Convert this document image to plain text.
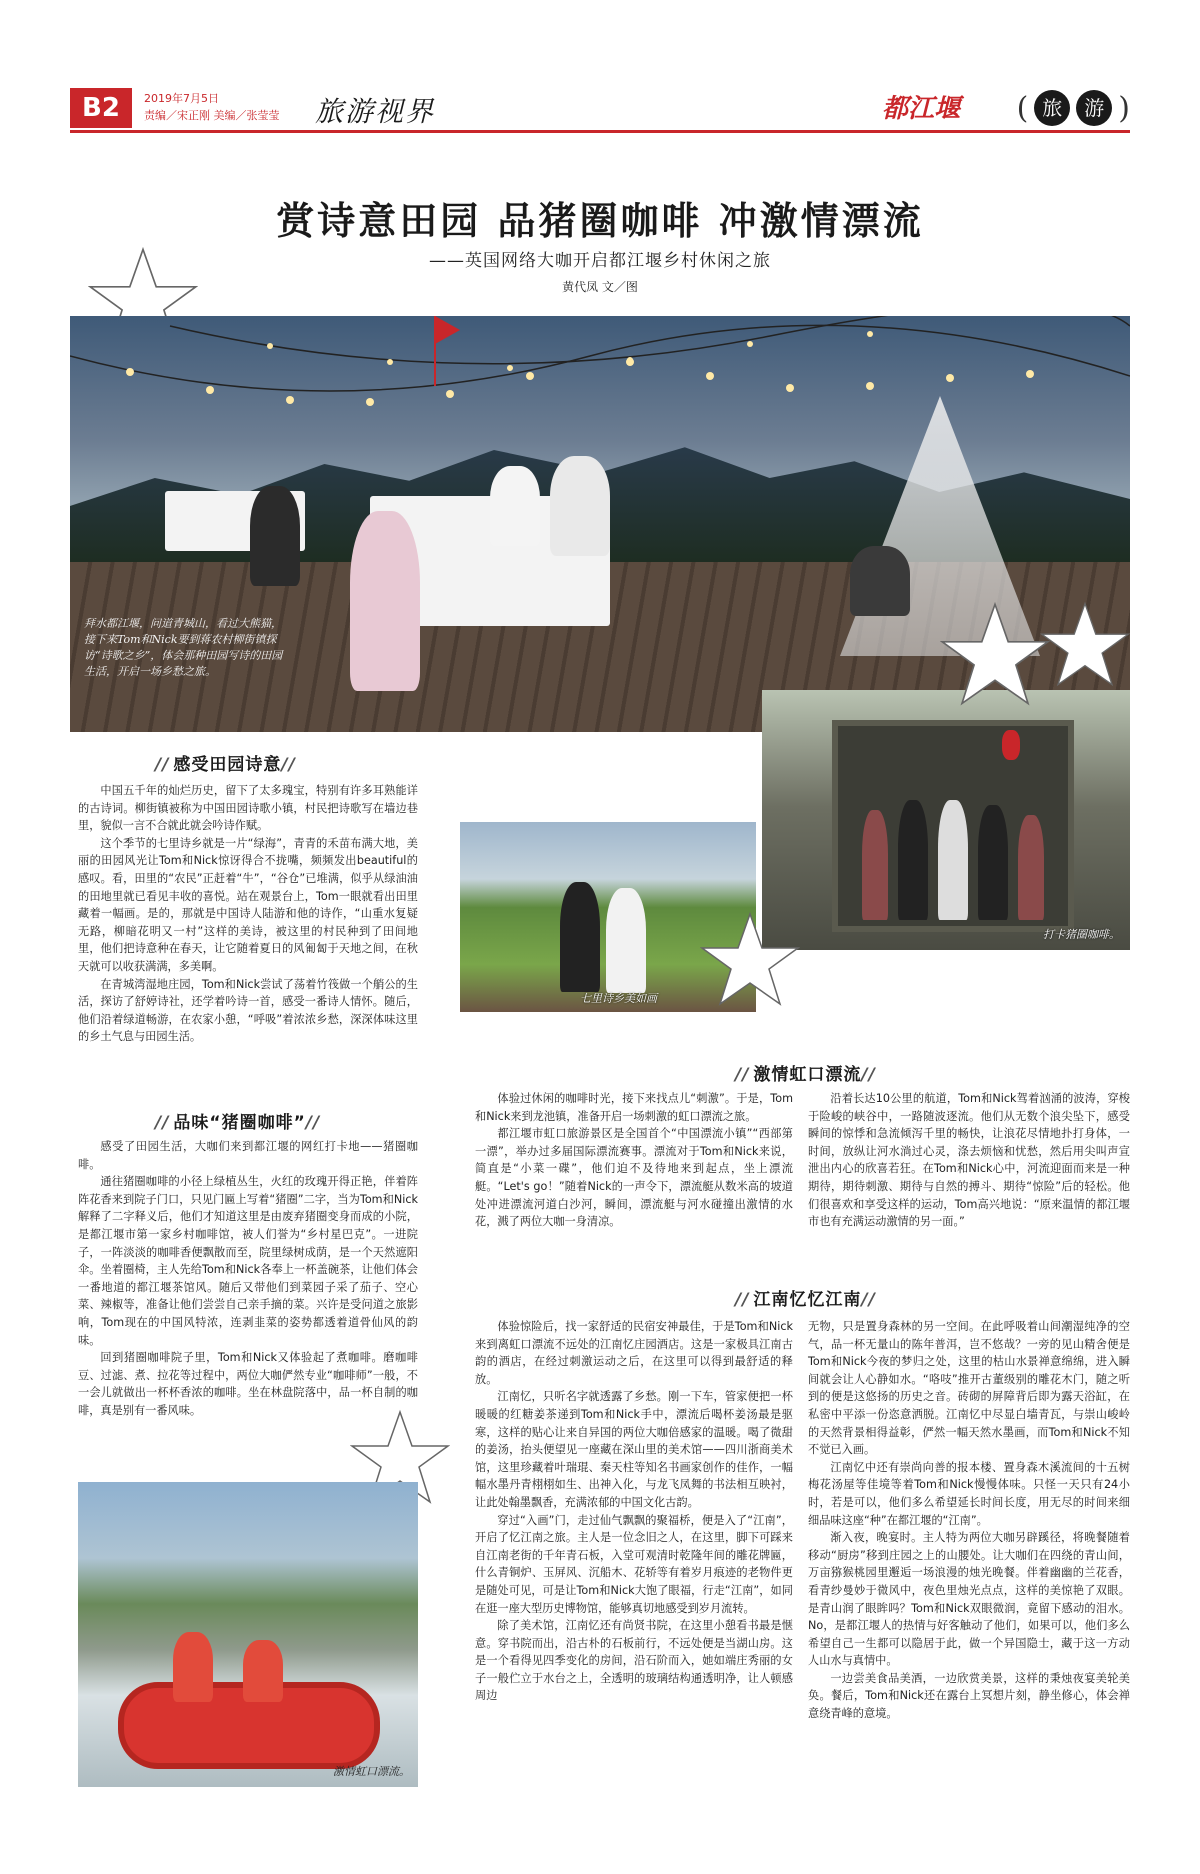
B2	2019年7月5日
责编／宋正刚 美编／张莹莹 旅游视界	都江堰 ( 旅	游 )
赏诗意田园 品猪圈咖啡 冲激情漂流
——英国网络大咖开启都江堰乡村休闲之旅
黄代凤 文／图
拜水都江堰，问道青城山，看过大熊猫，接下来Tom和Nick要到蒋农村柳街镇探访“诗歌之乡”，体会那种田园写诗的田园生活，开启一场乡愁之旅。
// 感受田园诗意//

中国五千年的灿烂历史，留下了太多瑰宝，特别有许多耳熟能详的古诗词。柳街镇被称为中国田园诗歌小镇，村民把诗歌写在墙边巷里，貌似一言不合就此就会吟诗作赋。

这个季节的七里诗乡就是一片“绿海”，青青的禾苗布满大地，美丽的田园风光让Tom和Nick惊讶得合不拢嘴，频频发出beautiful的感叹。看，田里的“农民”正赶着“牛”，“谷仓”已堆满，似乎从绿油油的田地里就已看见丰收的喜悦。站在观景台上，Tom一眼就看出田里藏着一幅画。是的，那就是中国诗人陆游和他的诗作，“山重水复疑无路，柳暗花明又一村”这样的美诗，被这里的村民种到了田间地里，他们把诗意种在春天，让它随着夏日的风匍匐于天地之间，在秋天就可以收获满满，多美啊。

在青城湾湿地庄园，Tom和Nick尝试了荡着竹筏做一个艄公的生活，探访了舒婷诗社，还学着吟诗一首，感受一番诗人情怀。随后，他们沿着绿道畅游，在农家小憩，“呼吸”着浓浓乡愁，深深体味这里的乡土气息与田园生活。

七里诗乡美如画
打卡猪圈咖啡。
// 品味“猪圈咖啡”//

感受了田园生活，大咖们来到都江堰的网红打卡地——猪圈咖啡。

通往猪圈咖啡的小径上绿植丛生，火红的玫瑰开得正艳，伴着阵阵花香来到院子门口，只见门匾上写着“猪圈”二字，当为Tom和Nick解释了二字释义后，他们才知道这里是由废弃猪圈变身而成的小院，是都江堰市第一家乡村咖啡馆，被人们誉为“乡村星巴克”。一进院子，一阵淡淡的咖啡香便飘散而至，院里绿树成荫，是一个天然遮阳伞。坐着圈椅，主人先给Tom和Nick各奉上一杯盖碗茶，让他们体会一番地道的都江堰茶馆风。随后又带他们到菜园子采了茄子、空心菜、辣椒等，准备让他们尝尝自己亲手摘的菜。兴许是受问道之旅影响，Tom现在的中国风特浓，连剥韭菜的姿势都透着道骨仙风的韵味。

回到猪圈咖啡院子里，Tom和Nick又体验起了煮咖啡。磨咖啡豆、过滤、煮、拉花等过程中，两位大咖俨然专业“咖啡师”一般，不一会儿就做出一杯杯香浓的咖啡。坐在林盘院落中，品一杯自制的咖啡，真是别有一番风味。

激情虹口漂流。
// 激情虹口漂流//

体验过休闲的咖啡时光，接下来找点儿“刺激”。于是，Tom和Nick来到龙池镇，准备开启一场刺激的虹口漂流之旅。

都江堰市虹口旅游景区是全国首个“中国漂流小镇”“西部第一漂”，举办过多届国际漂流赛事。漂流对于Tom和Nick来说，简直是“小菜一碟”，他们迫不及待地来到起点，坐上漂流艇。“Let's go！”随着Nick的一声令下，漂流艇从数米高的坡道处冲进漂流河道白沙河，瞬间，漂流艇与河水碰撞出激情的水花，溅了两位大咖一身清凉。

沿着长达10公里的航道，Tom和Nick驾着汹涌的波涛，穿梭于险峻的峡谷中，一路随波逐流。他们从无数个浪尖坠下，感受瞬间的惊悸和急流倾泻千里的畅快，让浪花尽情地扑打身体，一时间，放纵让河水淌过心灵，涤去烦恼和忧愁，然后用尖叫声宣泄出内心的欣喜若狂。在Tom和Nick心中，河流迎面而来是一种期待，期待刺激、期待与自然的搏斗、期待“惊险”后的轻松。他们很喜欢和享受这样的运动，Tom高兴地说：“原来温情的都江堰市也有充满运动激情的另一面。”

// 江南忆忆江南//

体验惊险后，找一家舒适的民宿安神最佳，于是Tom和Nick来到离虹口漂流不远处的江南忆庄园酒店。这是一家极具江南古韵的酒店，在经过刺激运动之后，在这里可以得到最舒适的释放。

江南忆，只听名字就透露了乡愁。刚一下车，管家便把一杯暖暖的红糖姜茶递到Tom和Nick手中，漂流后喝杯姜汤最是驱寒，这样的贴心让来自异国的两位大咖倍感家的温暖。喝了微甜的姜汤，抬头便望见一座藏在深山里的美术馆——四川浙商美术馆，这里珍藏着叶瑞琨、秦天柱等知名书画家创作的佳作，一幅幅水墨丹青栩栩如生、出神入化，与龙飞凤舞的书法相互映衬，让此处翰墨飘香，充满浓郁的中国文化古韵。

穿过“入画”门，走过仙气飘飘的聚福桥，便是入了“江南”，开启了忆江南之旅。主人是一位念旧之人，在这里，脚下可踩来自江南老街的千年青石板，入堂可观清时乾隆年间的雕花牌匾，什么青铜炉、玉屏风、沉船木、花轿等有着岁月痕迹的老物件更是随处可见，可是让Tom和Nick大饱了眼福，行走“江南”，如同在逛一座大型历史博物馆，能够真切地感受到岁月流转。

除了美术馆，江南忆还有尚贤书院，在这里小憩看书最是惬意。穿书院而出，沿古朴的石板前行，不远处便是当湖山房。这是一个看得见四季变化的房间，沿石阶而入，她如端庄秀丽的女子一般伫立于水台之上，全透明的玻璃结构通透明净，让人顿感周边

无物，只是置身森林的另一空间。在此呼吸着山间潮湿纯净的空气，品一杯无量山的陈年普洱，岂不悠哉？一旁的见山精舍便是Tom和Nick今夜的梦归之处，这里的枯山水景禅意绵绵，进入瞬间就会让人心静如水。“咯吱”推开古董级别的雕花木门，随之听到的便是这悠扬的历史之音。砖砌的屏障背后即为露天浴缸，在私密中平添一份恣意洒脱。江南忆中尽显白墙青瓦，与崇山峻岭的天然背景相得益彰，俨然一幅天然水墨画，而Tom和Nick不知不觉已入画。

江南忆中还有崇尚向善的报本楼、置身森木溪流间的十五树梅花汤屋等佳境等着Tom和Nick慢慢体味。只怪一天只有24小时，若是可以，他们多么希望延长时间长度，用无尽的时间来细细品味这座“种”在都江堰的“江南”。

渐入夜，晚宴时。主人特为两位大咖另辟蹊径，将晚餐随着移动“厨房”移到庄园之上的山腰处。让大咖们在四绕的青山间，万亩猕猴桃园里邂逅一场浪漫的烛光晚餐。伴着幽幽的兰花香，看青纱曼妙于微风中，夜色里烛光点点，这样的美惊艳了双眼。是青山润了眼眸吗？Tom和Nick双眼微润，竟留下感动的泪水。No，是都江堰人的热情与好客触动了他们，如果可以，他们多么希望自己一生都可以隐居于此，做一个异国隐士，藏于这一方动人山水与真情中。

一边尝美食品美酒，一边欣赏美景，这样的秉烛夜宴美轮美奂。餐后，Tom和Nick还在露台上冥想片刻，静坐修心，体会禅意绕青峰的意境。
